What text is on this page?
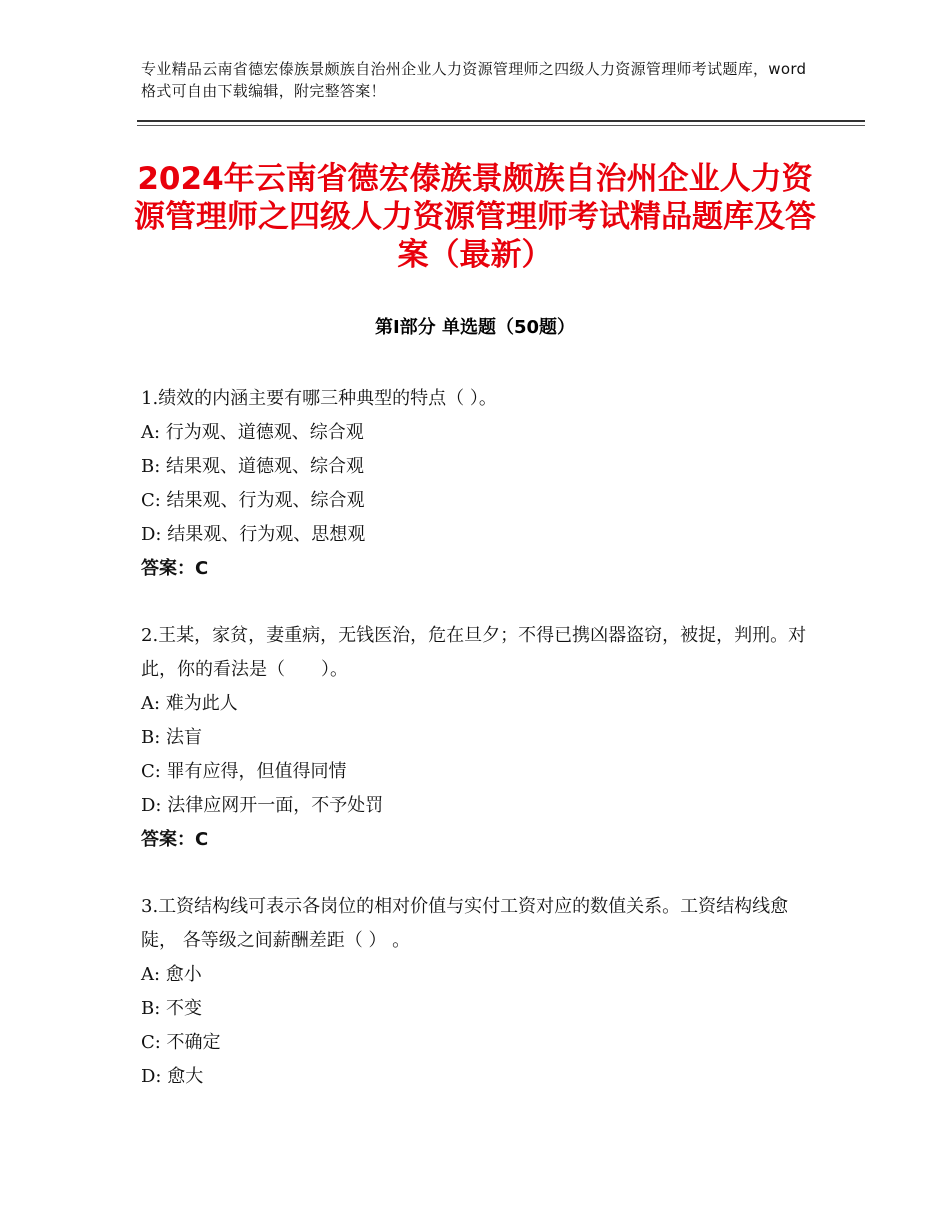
专业精品云南省德宏傣族景颇族自治州企业人力资源管理师之四级人力资源管理师考试题库，word格式可自由下载编辑，附完整答案！
2024年云南省德宏傣族景颇族自治州企业人力资源管理师之四级人力资源管理师考试精品题库及答案（最新）
第Ⅰ部分 单选题（50题）

1.绩效的内涵主要有哪三种典型的特点（ ）。

A: 行为观、道德观、综合观

B: 结果观、道德观、综合观

C: 结果观、行为观、综合观

D: 结果观、行为观、思想观

答案：C

2.王某，家贫，妻重病，无钱医治，危在旦夕；不得已携凶器盗窃，被捉，判刑。对此，你的看法是（　　）。

A: 难为此人

B: 法盲

C: 罪有应得，但值得同情

D: 法律应网开一面，不予处罚

答案：C

3.工资结构线可表示各岗位的相对价值与实付工资对应的数值关系。工资结构线愈陡， 各等级之间薪酬差距（ ） 。

A: 愈小

B: 不变

C: 不确定

D: 愈大
